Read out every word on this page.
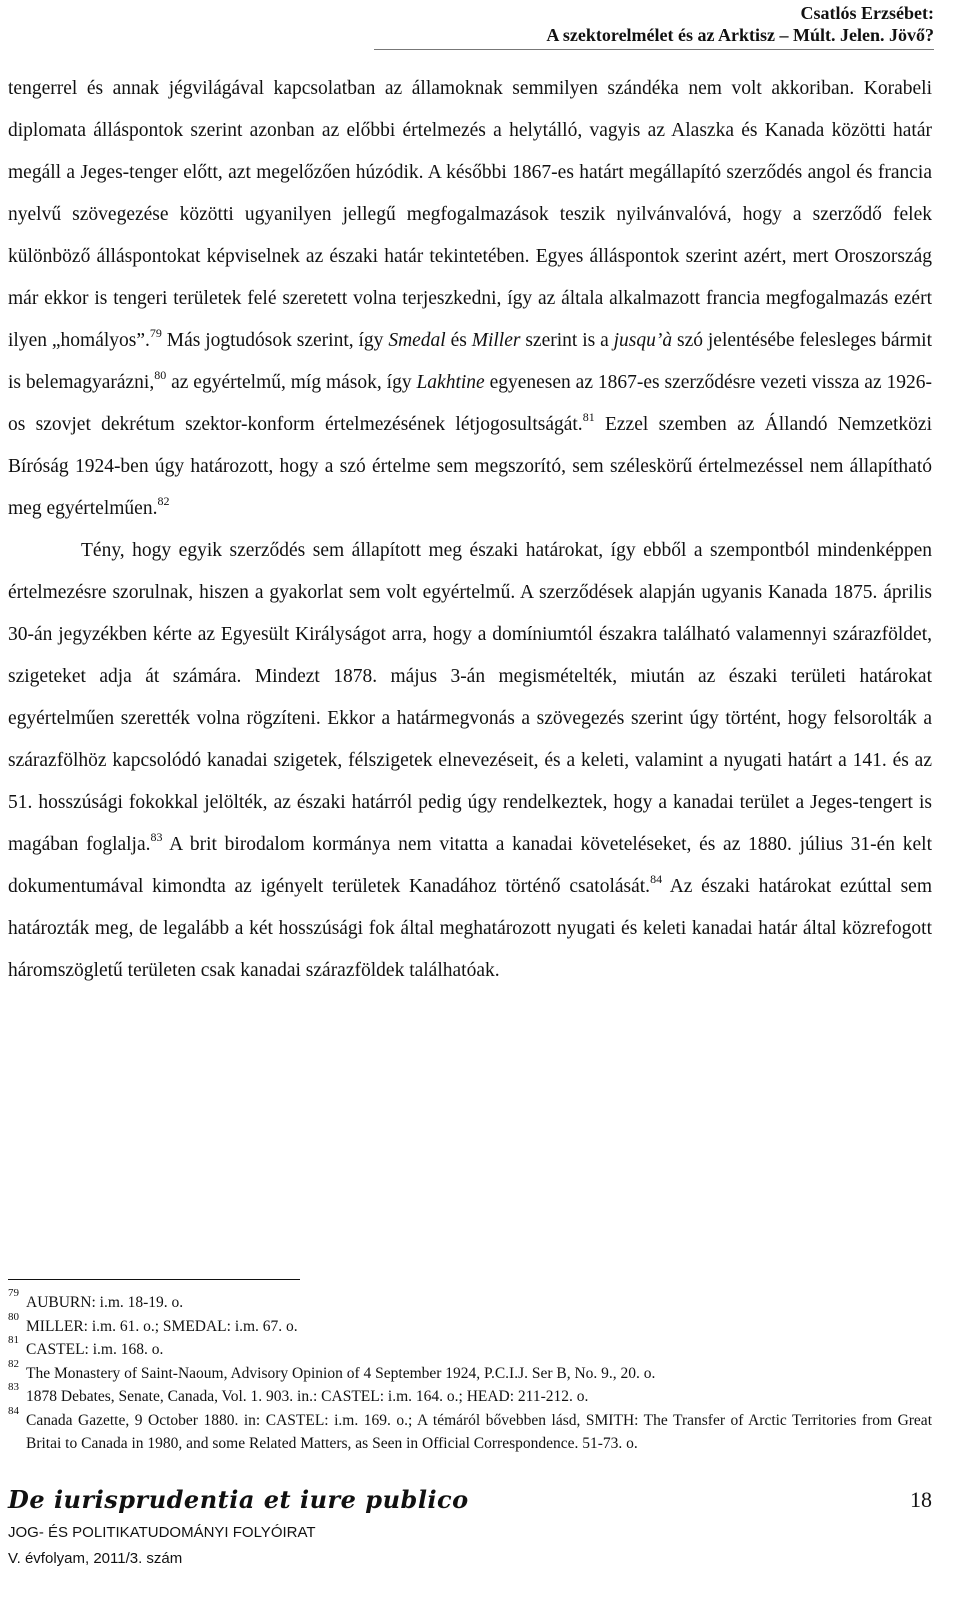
Csatlós Erzsébet:
A szektorelmélet és az Arktisz – Múlt. Jelen. Jövő?

tengerrel és annak jégvilágával kapcsolatban az államoknak semmilyen szándéka nem volt akkoriban. Korabeli diplomata álláspontok szerint azonban az előbbi értelmezés a helytálló, vagyis az Alaszka és Kanada közötti határ megáll a Jeges-tenger előtt, azt megelőzően húzódik. A későbbi 1867-es határt megállapító szerződés angol és francia nyelvű szövegezése közötti ugyanilyen jellegű megfogalmazások teszik nyilvánvalóvá, hogy a szerződő felek különböző álláspontokat képviselnek az északi határ tekintetében. Egyes álláspontok szerint azért, mert Oroszország már ekkor is tengeri területek felé szeretett volna terjeszkedni, így az általa alkalmazott francia megfogalmazás ezért ilyen „homályos”.$^{79}$ Más jogtudósok szerint, így Smedal és Miller szerint is a jusqu’à szó jelentésébe felesleges bármit is belemagyarázni,$^{80}$ az egyértelmű, míg mások, így Lakhtine egyenesen az 1867-es szerződésre vezeti vissza az 1926-os szovjet dekrétum szektor-konform értelmezésének létjogosultságát.$^{81}$ Ezzel szemben az Állandó Nemzetközi Bíróság 1924-ben úgy határozott, hogy a szó értelme sem megszorító, sem széleskörű értelmezéssel nem állapítható meg egyértelműen.$^{82}$

Tény, hogy egyik szerződés sem állapított meg északi határokat, így ebből a szempontból mindenképpen értelmezésre szorulnak, hiszen a gyakorlat sem volt egyértelmű. A szerződések alapján ugyanis Kanada 1875. április 30-án jegyzékben kérte az Egyesült Királyságot arra, hogy a domíniumtól északra található valamennyi szárazföldet, szigeteket adja át számára. Mindezt 1878. május 3-án megismételték, miután az északi területi határokat egyértelműen szerették volna rögzíteni. Ekkor a határmegvonás a szövegezés szerint úgy történt, hogy felsorolták a szárazfölhöz kapcsolódó kanadai szigetek, félszigetek elnevezéseit, és a keleti, valamint a nyugati határt a 141. és az 51. hosszúsági fokokkal jelölték, az északi határról pedig úgy rendelkeztek, hogy a kanadai terület a Jeges-tengert is magában foglalja.$^{83}$ A brit birodalom kormánya nem vitatta a kanadai követeléseket, és az 1880. július 31-én kelt dokumentumával kimondta az igényelt területek Kanadához történő csatolását.$^{84}$ Az északi határokat ezúttal sem határozták meg, de legalább a két hosszúsági fok által meghatározott nyugati és keleti kanadai határ által közrefogott háromszögletű területen csak kanadai szárazföldek találhatóak.

79
AUBURN: i.m. 18-19. o.
80
MILLER: i.m. 61. o.; SMEDAL: i.m. 67. o.
81
CASTEL: i.m. 168. o.
82
The Monastery of Saint-Naoum, Advisory Opinion of 4 September 1924, P.C.I.J. Ser B, No. 9., 20. o.
83
1878 Debates, Senate, Canada, Vol. 1. 903. in.: CASTEL: i.m. 164. o.; HEAD: 211-212. o.
84
Canada Gazette, 9 October 1880. in: CASTEL: i.m. 169. o.; A témáról bővebben lásd, SMITH: The Transfer of Arctic Territories from Great Britai to Canada in 1980, and some Related Matters, as Seen in Official Correspondence. 51-73. o.
De iurisprudentia et iure publico	18
JOG- ÉS POLITIKATUDOMÁNYI FOLYÓIRAT
V. évfolyam, 2011/3. szám
